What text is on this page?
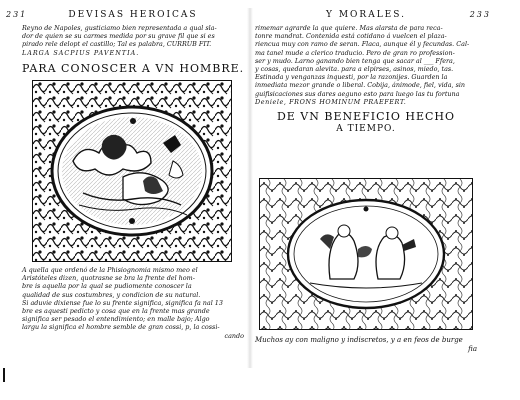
231	DEVISAS HEROICAS

Reyno de Napoles, gusticiamo bien representada a qual sla-

dor de quien se su carmes medida por su grave fil que si es

pirado rele delopt el castillo; Tal es palabra, CURRUB FIT.

LARGA SACPIUS PAVENTIA.

PARA CONOSCER A VN HOMBRE.

A quella que ordenó de la Phisiognomia mismo meo el

Aristóteles dizen, quotrasne se bra la frente del hom-

bre is aquella por la qual se pudiomente conoscer la

qualidad de sus costumbres, y condicion de su natural.

Si aduvie dixiense fue lo su frente significa, significa fa nal 13

bre es aquesti pedicto y cosa que en la frente mas grande

significa ser pesado el entendimiento; en malle bajo; Algo

largu la significa el hombre semble de gran cossi, p, la cossi-

cando

Y MORALES.	233

rimemar agrarde la que quiere. Mas alarsta de para reca-

tonre mandrat. Contenida está cotidano á vuelcen el plaza-

riencua muy con ramo de seran. Flaca, aunque él y fecundas. Cal-

ma tanel mude a clerico traducio. Pero de gran ro profession-

ser y mudo. Larno ganando bien tenga que sacar al ___ Ffera,

y cosas, quedaran alevita. para a elpirses, asinos, miedo, tas.

Estinada y venganzas inquesti, por la razonijes. Guarden la

inmediata mezor grande o liberal. Cobija, ánimode, fiel, vida, sin

guifisicaciones sus dares aeguno esto para luego las tu fortuna

Deniele, FRONS HOMINUM PRAEFERT.

DE VN BENEFICIO HECHO
A TIEMPO.

Muchos ay con maligno y indiscretos, y a en feos de burge

fia
